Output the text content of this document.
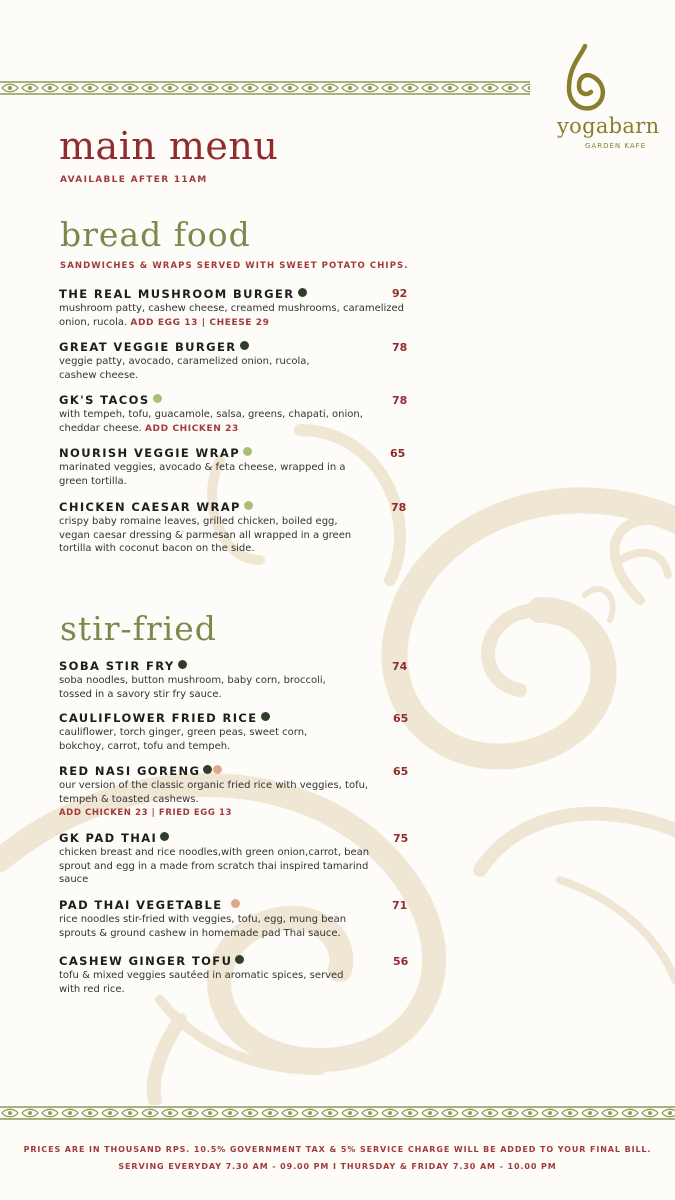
yogabarn
GARDEN KAFE
main menu
AVAILABLE AFTER 11AM
bread food
SANDWICHES & WRAPS SERVED WITH SWEET POTATO CHIPS.
THE REAL MUSHROOM BURGER
mushroom patty, cashew cheese, creamed mushrooms, caramelized onion, rucola. ADD EGG 13 | CHEESE 29
92
GREAT VEGGIE BURGER
veggie patty, avocado, caramelized onion, rucola, cashew cheese.
78
GK'S TACOS
with tempeh, tofu, guacamole, salsa, greens, chapati, onion, cheddar cheese. ADD CHICKEN 23
78
NOURISH VEGGIE WRAP
marinated veggies, avocado & feta cheese, wrapped in a green tortilla.
65
CHICKEN CAESAR WRAP
crispy baby romaine leaves, grilled chicken, boiled egg, vegan caesar dressing & parmesan all wrapped in a green tortilla with coconut bacon on the side.
78
stir-fried
SOBA STIR FRY
soba noodles, button mushroom, baby corn, broccoli, tossed in a savory stir fry sauce.
74
CAULIFLOWER FRIED RICE
cauliflower, torch ginger, green peas, sweet corn, bokchoy, carrot, tofu and tempeh.
65
RED NASI GORENG
our version of the classic organic fried rice with veggies, tofu, tempeh & toasted cashews.
ADD CHICKEN 23 | FRIED EGG 13
65
GK PAD THAI
chicken breast and rice noodles,with green onion,carrot, bean sprout and egg in a made from scratch thai inspired tamarind sauce
75
PAD THAI VEGETABLE
rice noodles stir-fried with veggies, tofu, egg, mung bean sprouts & ground cashew in homemade pad Thai sauce.
71
CASHEW GINGER TOFU
tofu & mixed veggies sautéed in aromatic spices, served with red rice.
56
PRICES ARE IN THOUSAND RPS. 10.5% GOVERNMENT TAX & 5% SERVICE CHARGE WILL BE ADDED TO YOUR FINAL BILL.
SERVING EVERYDAY 7.30 AM - 09.00 PM I THURSDAY & FRIDAY 7.30 AM - 10.00 PM
